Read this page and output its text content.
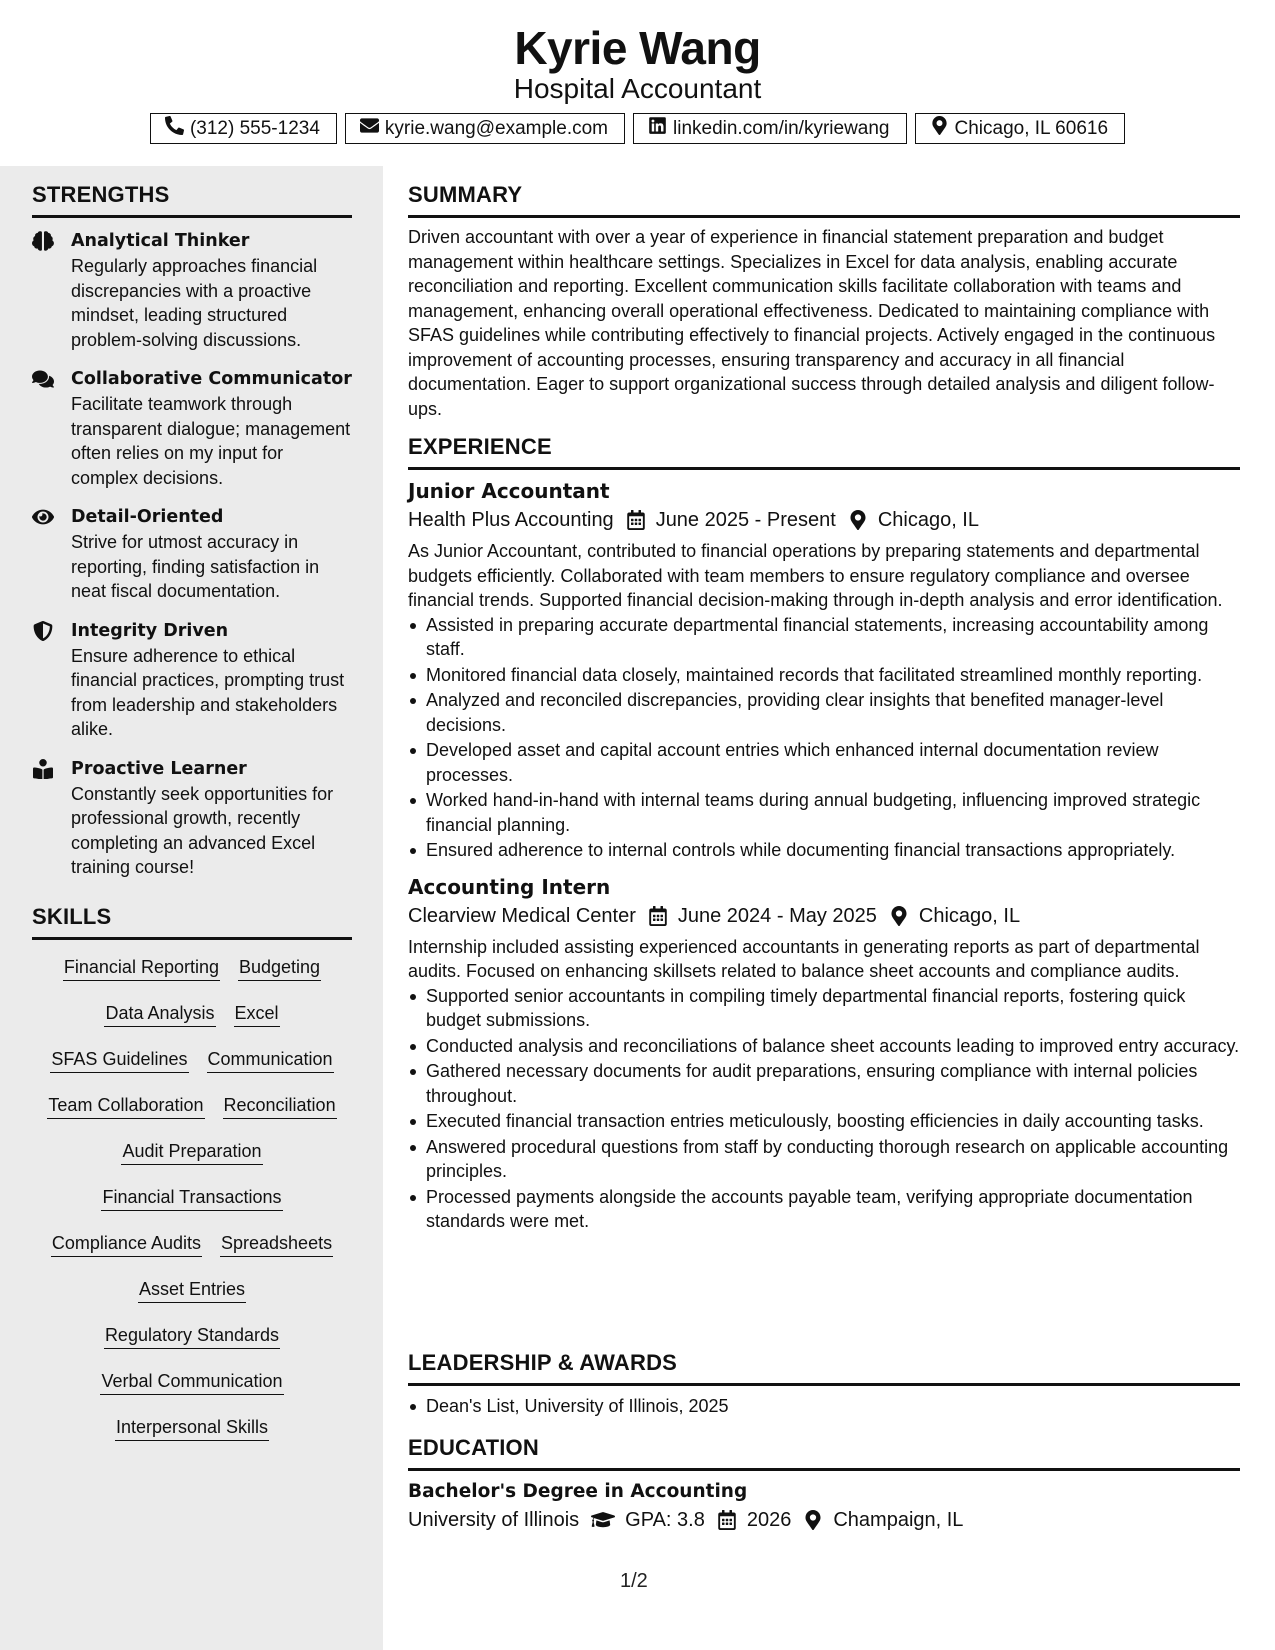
Kyrie Wang
Hospital Accountant
(312) 555-1234	kyrie.wang@example.com	linkedin.com/in/kyriewang	Chicago, IL 60616
STRENGTHS
Analytical Thinker
Regularly approaches financial discrepancies with a proactive mindset, leading structured problem-solving discussions.
Collaborative Communicator
Facilitate teamwork through transparent dialogue; management often relies on my input for complex decisions.
Detail-Oriented
Strive for utmost accuracy in reporting, finding satisfaction in neat fiscal documentation.
Integrity Driven
Ensure adherence to ethical financial practices, prompting trust from leadership and stakeholders alike.
Proactive Learner
Constantly seek opportunities for professional growth, recently completing an advanced Excel training course!
SKILLS
Financial Reporting Budgeting
Data Analysis Excel
SFAS Guidelines Communication
Team Collaboration Reconciliation
Audit Preparation
Financial Transactions
Compliance Audits Spreadsheets
Asset Entries
Regulatory Standards
Verbal Communication
Interpersonal Skills
SUMMARY
Driven accountant with over a year of experience in financial statement preparation and budget management within healthcare settings. Specializes in Excel for data analysis, enabling accurate reconciliation and reporting. Excellent communication skills facilitate collaboration with teams and management, enhancing overall operational effectiveness. Dedicated to maintaining compliance with SFAS guidelines while contributing effectively to financial projects. Actively engaged in the continuous improvement of accounting processes, ensuring transparency and accuracy in all financial documentation. Eager to support organizational success through detailed analysis and diligent follow-ups.
EXPERIENCE
Junior Accountant
Health Plus Accounting June 2025 - Present Chicago, IL
As Junior Accountant, contributed to financial operations by preparing statements and departmental budgets efficiently. Collaborated with team members to ensure regulatory compliance and oversee financial trends. Supported financial decision-making through in-depth analysis and error identification.
Assisted in preparing accurate departmental financial statements, increasing accountability among staff.
Monitored financial data closely, maintained records that facilitated streamlined monthly reporting.
Analyzed and reconciled discrepancies, providing clear insights that benefited manager-level decisions.
Developed asset and capital account entries which enhanced internal documentation review processes.
Worked hand-in-hand with internal teams during annual budgeting, influencing improved strategic financial planning.
Ensured adherence to internal controls while documenting financial transactions appropriately.
Accounting Intern
Clearview Medical Center June 2024 - May 2025 Chicago, IL
Internship included assisting experienced accountants in generating reports as part of departmental audits. Focused on enhancing skillsets related to balance sheet accounts and compliance audits.
Supported senior accountants in compiling timely departmental financial reports, fostering quick budget submissions.
Conducted analysis and reconciliations of balance sheet accounts leading to improved entry accuracy.
Gathered necessary documents for audit preparations, ensuring compliance with internal policies throughout.
Executed financial transaction entries meticulously, boosting efficiencies in daily accounting tasks.
Answered procedural questions from staff by conducting thorough research on applicable accounting principles.
Processed payments alongside the accounts payable team, verifying appropriate documentation standards were met.
LEADERSHIP & AWARDS
Dean's List, University of Illinois, 2025
EDUCATION
Bachelor's Degree in Accounting
University of Illinois GPA: 3.8 2026 Champaign, IL
1/2
